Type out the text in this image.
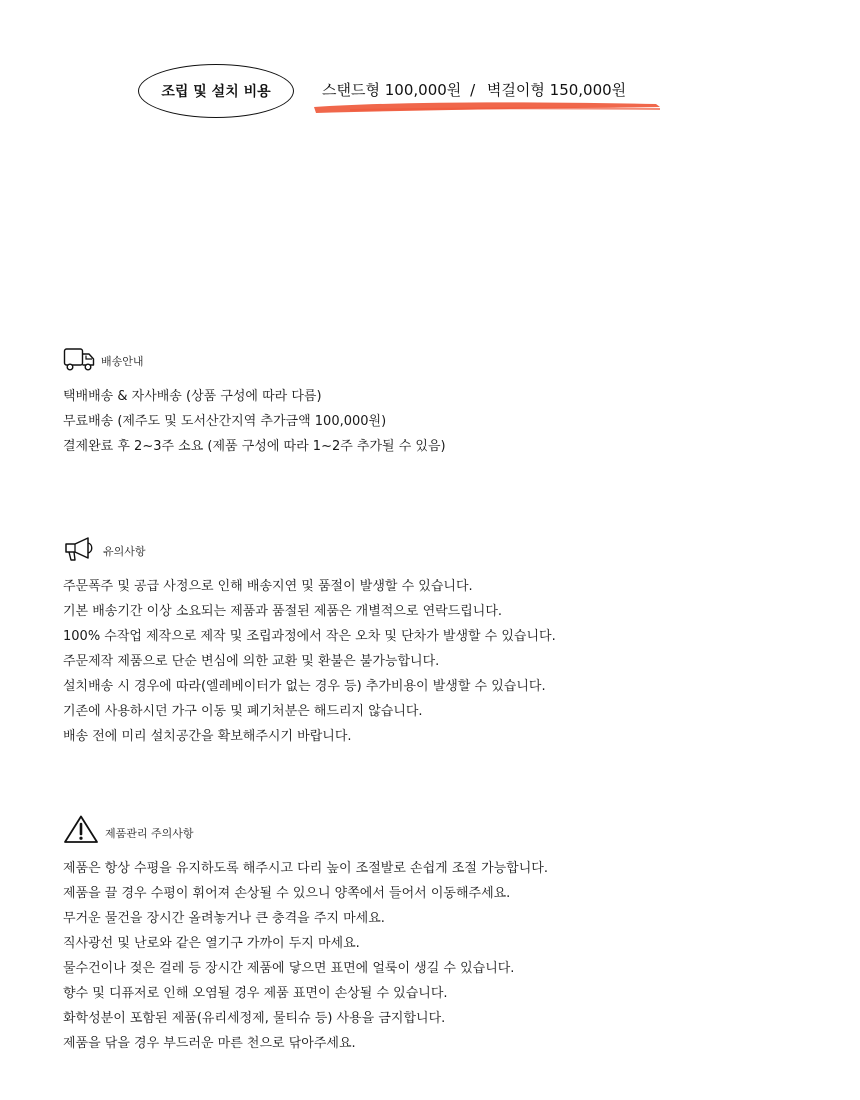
조립 및 설치 비용	스탠드형 100,000원 / 벽걸이형 150,000원
배송안내
택배배송 & 자사배송 (상품 구성에 따라 다름)
무료배송 (제주도 및 도서산간지역 추가금액 100,000원)
결제완료 후 2~3주 소요 (제품 구성에 따라 1~2주 추가될 수 있음)
유의사항
주문폭주 및 공급 사정으로 인해 배송지연 및 품절이 발생할 수 있습니다.
기본 배송기간 이상 소요되는 제품과 품절된 제품은 개별적으로 연락드립니다.
100% 수작업 제작으로 제작 및 조립과정에서 작은 오차 및 단차가 발생할 수 있습니다.
주문제작 제품으로 단순 변심에 의한 교환 및 환불은 불가능합니다.
설치배송 시 경우에 따라(엘레베이터가 없는 경우 등) 추가비용이 발생할 수 있습니다.
기존에 사용하시던 가구 이동 및 폐기처분은 해드리지 않습니다.
배송 전에 미리 설치공간을 확보해주시기 바랍니다.
제품관리 주의사항
제품은 항상 수평을 유지하도록 해주시고 다리 높이 조절발로 손쉽게 조절 가능합니다.
제품을 끌 경우 수평이 휘어져 손상될 수 있으니 양쪽에서 들어서 이동해주세요.
무거운 물건을 장시간 올려놓거나 큰 충격을 주지 마세요.
직사광선 및 난로와 같은 열기구 가까이 두지 마세요.
물수건이나 젖은 걸레 등 장시간 제품에 닿으면 표면에 얼룩이 생길 수 있습니다.
향수 및 디퓨저로 인해 오염될 경우 제품 표면이 손상될 수 있습니다.
화학성분이 포함된 제품(유리세정제, 물티슈 등) 사용을 금지합니다.
제품을 닦을 경우 부드러운 마른 천으로 닦아주세요.
